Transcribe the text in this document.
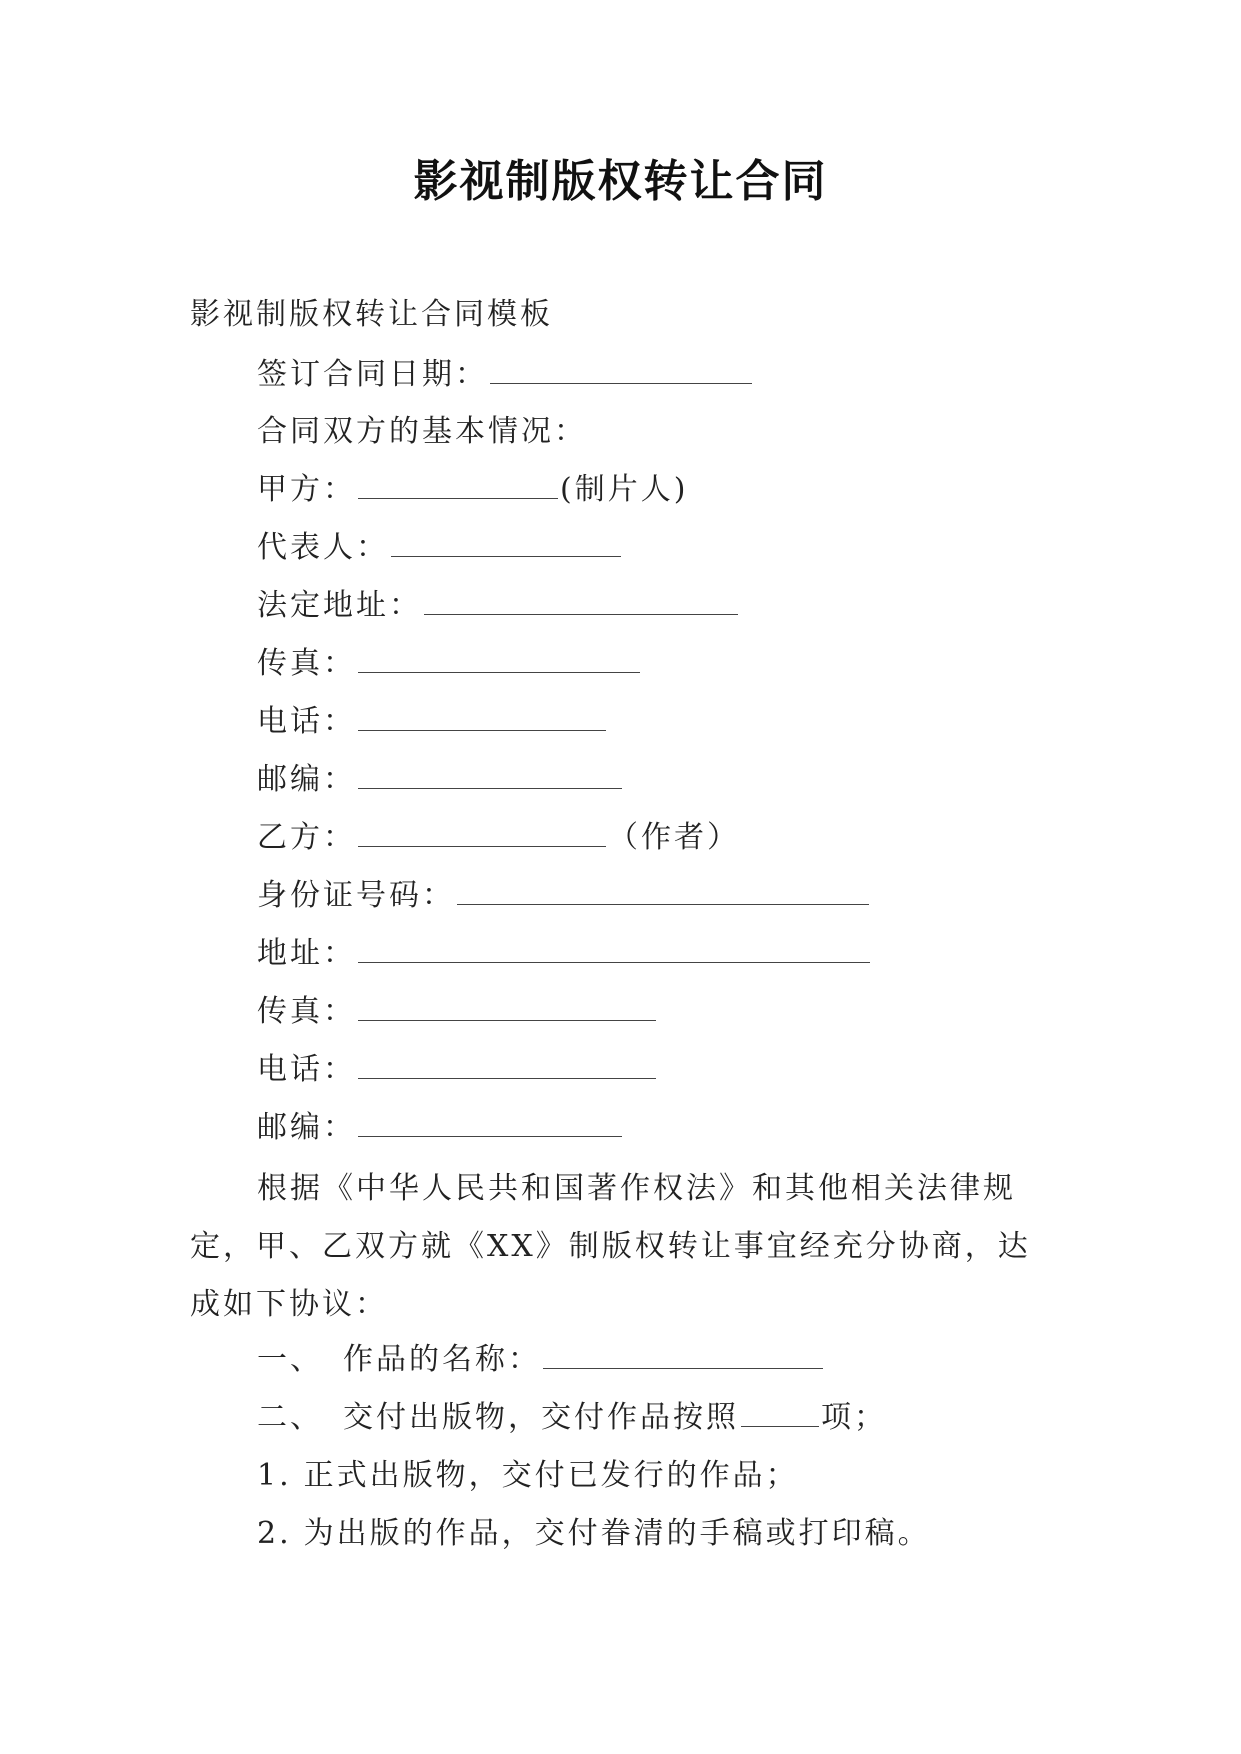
影视制版权转让合同
影视制版权转让合同模板
签订合同日期：
合同双方的基本情况：
甲方：	(制片人)
代表人：
法定地址：
传真：
电话：
邮编：
乙方：	（作者）
身份证号码：
地址：
传真：
电话：
邮编：
根据《中华人民共和国著作权法》和其他相关法律规定，甲、乙双方就《XX》制版权转让事宜经充分协商，达成如下协议：
一、 作品的名称：
二、 交付出版物，交付作品按照	项；
1. 正式出版物，交付已发行的作品；
2. 为出版的作品，交付眷清的手稿或打印稿。
